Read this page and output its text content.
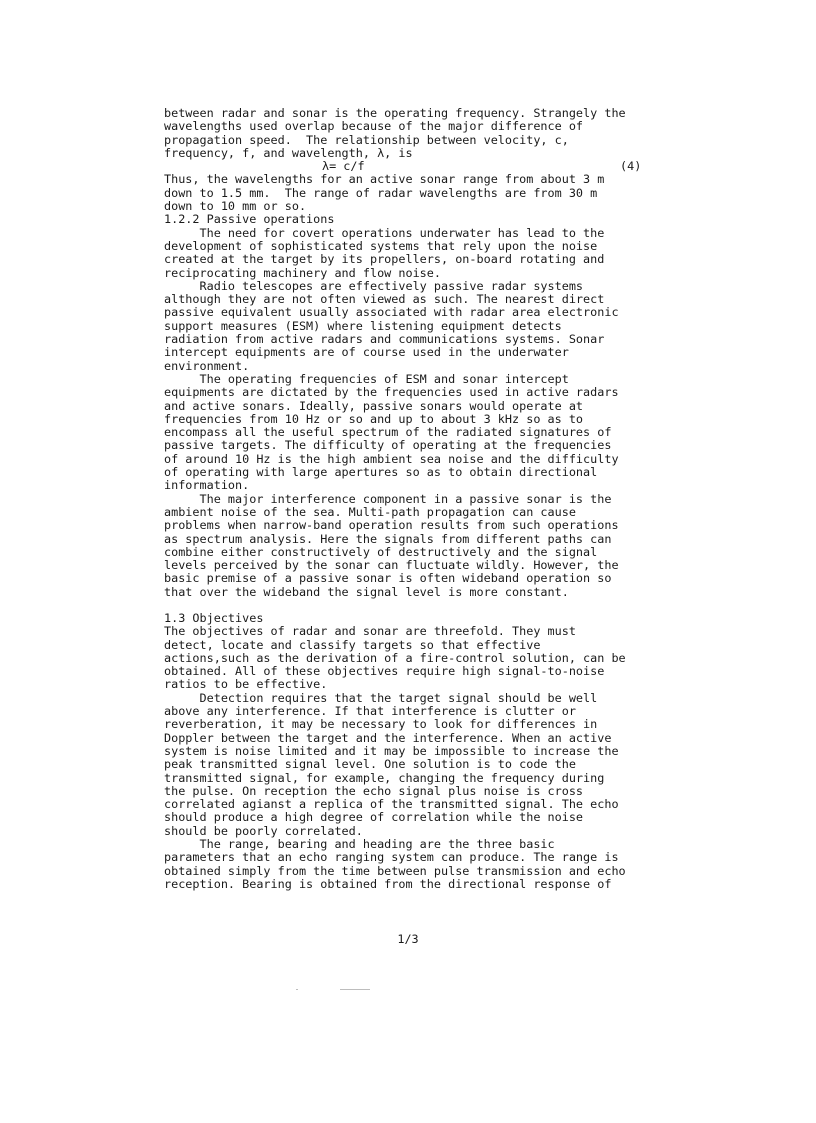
between radar and sonar is the operating frequency. Strangely the
wavelengths used overlap because of the major difference of
propagation speed.  The relationship between velocity, c,
frequency, f, and wavelength, λ, is
λ= c/f	(4)
Thus, the wavelengths for an active sonar range from about 3 m
down to 1.5 mm.  The range of radar wavelengths are from 30 m
down to 10 mm or so.
1.2.2 Passive operations
The need for covert operations underwater has lead to the
development of sophisticated systems that rely upon the noise
created at the target by its propellers, on-board rotating and
reciprocating machinery and flow noise.
Radio telescopes are effectively passive radar systems
although they are not often viewed as such. The nearest direct
passive equivalent usually associated with radar area electronic
support measures (ESM) where listening equipment detects
radiation from active radars and communications systems. Sonar
intercept equipments are of course used in the underwater
environment.
The operating frequencies of ESM and sonar intercept
equipments are dictated by the frequencies used in active radars
and active sonars. Ideally, passive sonars would operate at
frequencies from 10 Hz or so and up to about 3 kHz so as to
encompass all the useful spectrum of the radiated signatures of
passive targets. The difficulty of operating at the frequencies
of around 10 Hz is the high ambient sea noise and the difficulty
of operating with large apertures so as to obtain directional
information.
The major interference component in a passive sonar is the
ambient noise of the sea. Multi-path propagation can cause
problems when narrow-band operation results from such operations
as spectrum analysis. Here the signals from different paths can
combine either constructively of destructively and the signal
levels perceived by the sonar can fluctuate wildly. However, the
basic premise of a passive sonar is often wideband operation so
that over the wideband the signal level is more constant.
1.3 Objectives
The objectives of radar and sonar are threefold. They must
detect, locate and classify targets so that effective
actions,such as the derivation of a fire-control solution, can be
obtained. All of these objectives require high signal-to-noise
ratios to be effective.
Detection requires that the target signal should be well
above any interference. If that interference is clutter or
reverberation, it may be necessary to look for differences in
Doppler between the target and the interference. When an active
system is noise limited and it may be impossible to increase the
peak transmitted signal level. One solution is to code the
transmitted signal, for example, changing the frequency during
the pulse. On reception the echo signal plus noise is cross
correlated agianst a replica of the transmitted signal. The echo
should produce a high degree of correlation while the noise
should be poorly correlated.
The range, bearing and heading are the three basic
parameters that an echo ranging system can produce. The range is
obtained simply from the time between pulse transmission and echo
reception. Bearing is obtained from the directional response of
1/3
